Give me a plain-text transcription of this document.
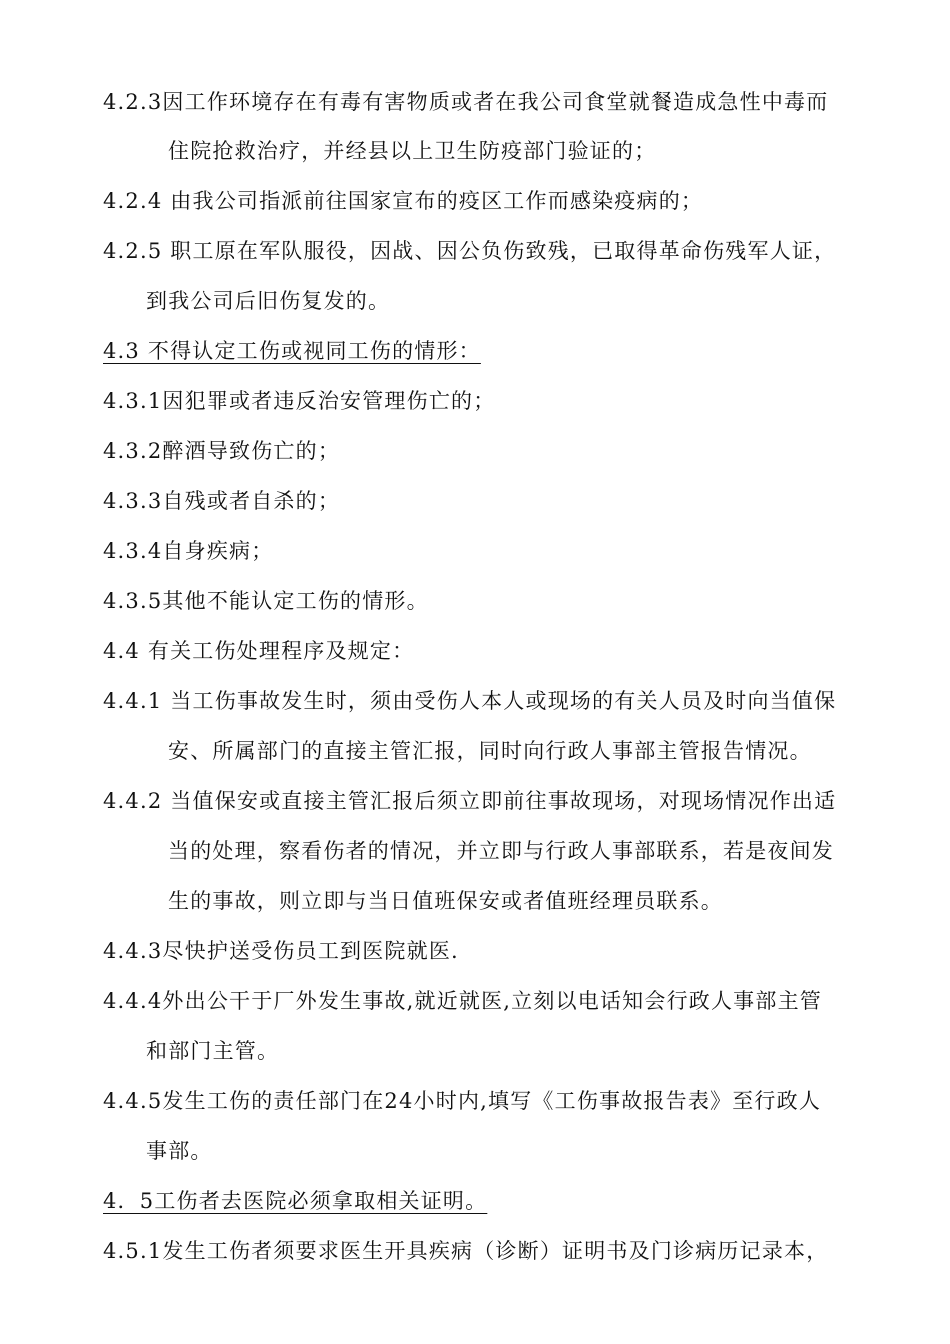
4.2.3因工作环境存在有毒有害物质或者在我公司食堂就餐造成急性中毒而
住院抢救治疗，并经县以上卫生防疫部门验证的；
4.2.4 由我公司指派前往国家宣布的疫区工作而感染疫病的；
4.2.5 职工原在军队服役，因战、因公负伤致残，已取得革命伤残军人证，
到我公司后旧伤复发的。
4.3 不得认定工伤或视同工伤的情形：
4.3.1因犯罪或者违反治安管理伤亡的；
4.3.2醉酒导致伤亡的；
4.3.3自残或者自杀的；
4.3.4自身疾病；
4.3.5其他不能认定工伤的情形。
4.4 有关工伤处理程序及规定：
4.4.1 当工伤事故发生时，须由受伤人本人或现场的有关人员及时向当值保
安、所属部门的直接主管汇报，同时向行政人事部主管报告情况。
4.4.2 当值保安或直接主管汇报后须立即前往事故现场，对现场情况作出适
当的处理，察看伤者的情况，并立即与行政人事部联系，若是夜间发
生的事故，则立即与当日值班保安或者值班经理员联系。
4.4.3尽快护送受伤员工到医院就医.
4.4.4外出公干于厂外发生事故,就近就医,立刻以电话知会行政人事部主管
和部门主管。
4.4.5发生工伤的责任部门在24小时内,填写《工伤事故报告表》至行政人
事部。
4．5工伤者去医院必须拿取相关证明。
4.5.1发生工伤者须要求医生开具疾病（诊断）证明书及门诊病历记录本，
